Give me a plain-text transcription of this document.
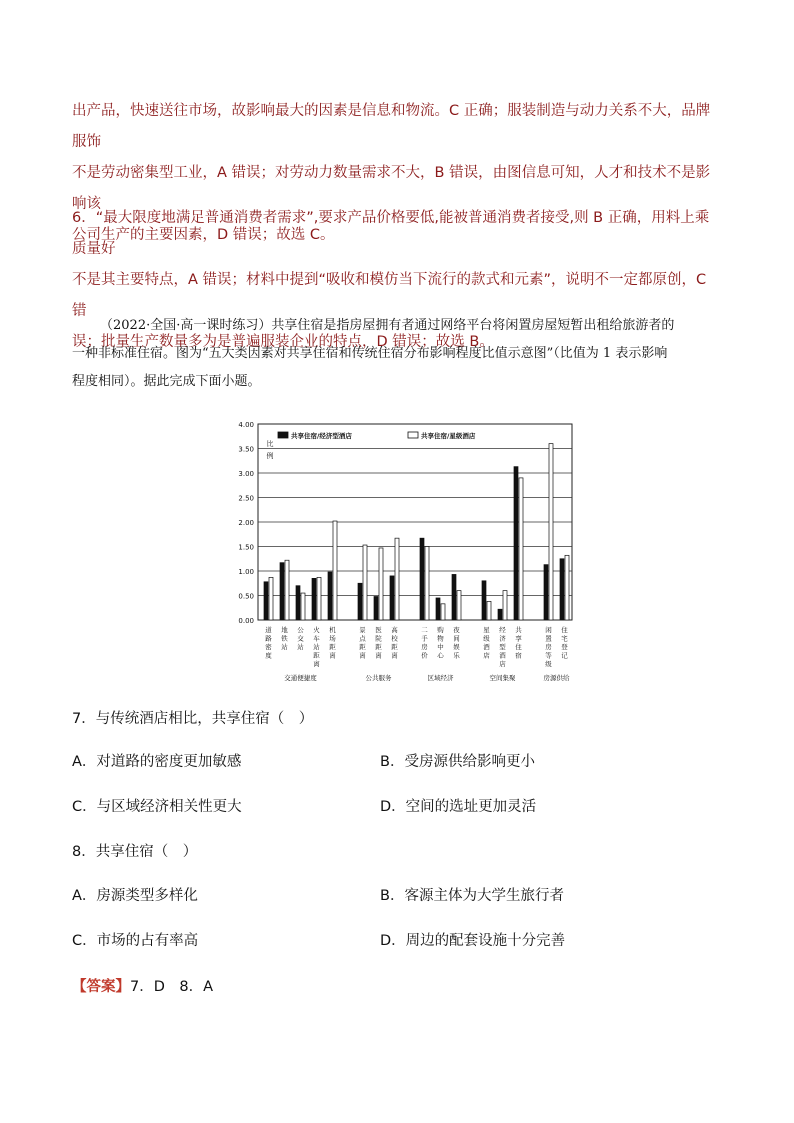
出产品，快速送往市场，故影响最大的因素是信息和物流。C 正确；服装制造与动力关系不大，品牌服饰

不是劳动密集型工业，A 错误；对劳动力数量需求不大，B 错误，由图信息可知，人才和技术不是影响该

公司生产的主要因素，D 错误；故选 C。

6．“最大限度地满足普通消费者需求”,要求产品价格要低,能被普通消费者接受,则 B 正确，用料上乘质量好

不是其主要特点，A 错误；材料中提到“吸收和模仿当下流行的款式和元素”，说明不一定都原创，C 错

误；批量生产数量多为是普遍服装企业的特点，D 错误；故选 B。

（2022·全国·高一课时练习）共享住宿是指房屋拥有者通过网络平台将闲置房屋短暂出租给旅游者的

一种非标准住宿。图为“五大类因素对共享住宿和传统住宿分布影响程度比值示意图”（比值为 1 表示影响

程度相同）。据此完成下面小题。

0.00
0.50
1.00
1.50
2.00
2.50
3.00
3.50
4.00
比
例
共享住宿/经济型酒店	共享住宿/星级酒店
道
路
密
度
地
铁
站
公
交
站
火
车
站
距
离
机
场
距
离
交通便捷度
景
点
距
离
医
院
距
离
高
校
距
离
公共服务
二
手
房
价
购
物
中
心
夜
间
娱
乐
区域经济
星
级
酒
店
经
济
型
酒
店
共
享
住
宿
空间集聚
闲
置
房
等
级
住
宅
登
记
房源供给
7．与传统酒店相比，共享住宿（　）
A．对道路的密度更加敏感	B．受房源供给影响更小
C．与区域经济相关性更大	D．空间的选址更加灵活
8．共享住宿（　）
A．房源类型多样化	B．客源主体为大学生旅行者
C．市场的占有率高	D．周边的配套设施十分完善
【答案】7．D　8．A
